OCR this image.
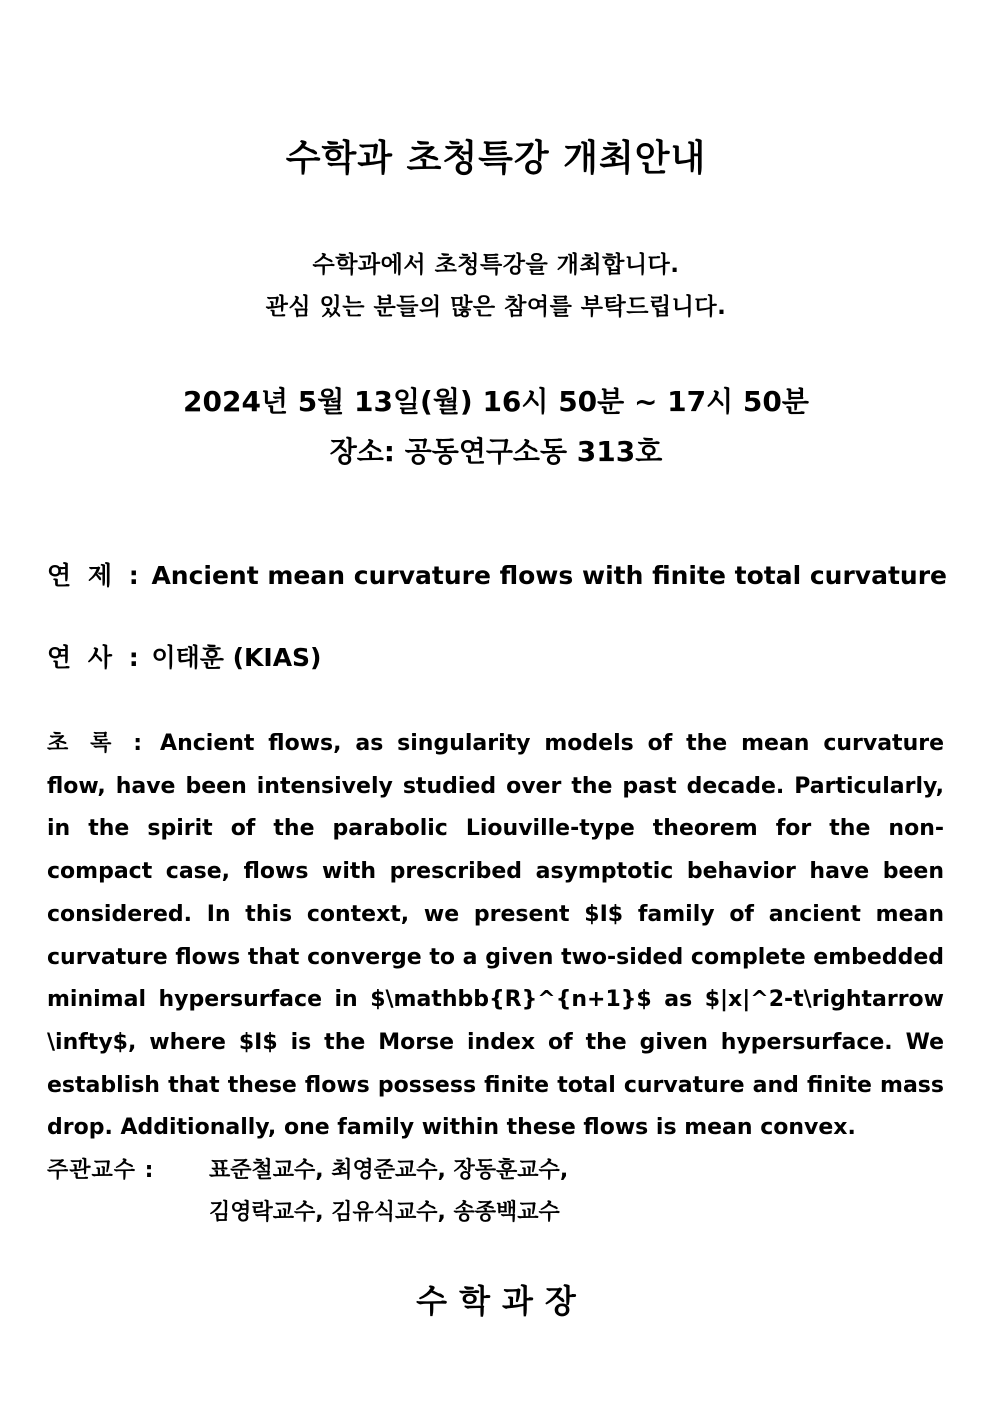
수학과 초청특강 개최안내
수학과에서 초청특강을 개최합니다.
관심 있는 분들의 많은 참여를 부탁드립니다.
2024년 5월 13일(월) 16시 50분 ~ 17시 50분
장소: 공동연구소동 313호
연 제 : Ancient mean curvature flows with finite total curvature
연 사 : 이태훈 (KIAS)
초 록 : Ancient flows, as singularity models of the mean curvature flow, have been intensively studied over the past decade. Particularly, in the spirit of the parabolic Liouville-type theorem for the non-compact case, flows with prescribed asymptotic behavior have been considered. In this context, we present $I$ family of ancient mean curvature flows that converge to a given two-sided complete embedded minimal hypersurface in $\mathbb{R}^{n+1}$ as $|x|^2-t\rightarrow \infty$, where $I$ is the Morse index of the given hypersurface. We establish that these flows possess finite total curvature and finite mass drop. Additionally, one family within these flows is mean convex.
주관교수 : 표준철교수, 최영준교수, 장동훈교수,
김영락교수, 김유식교수, 송종백교수
수학과장
